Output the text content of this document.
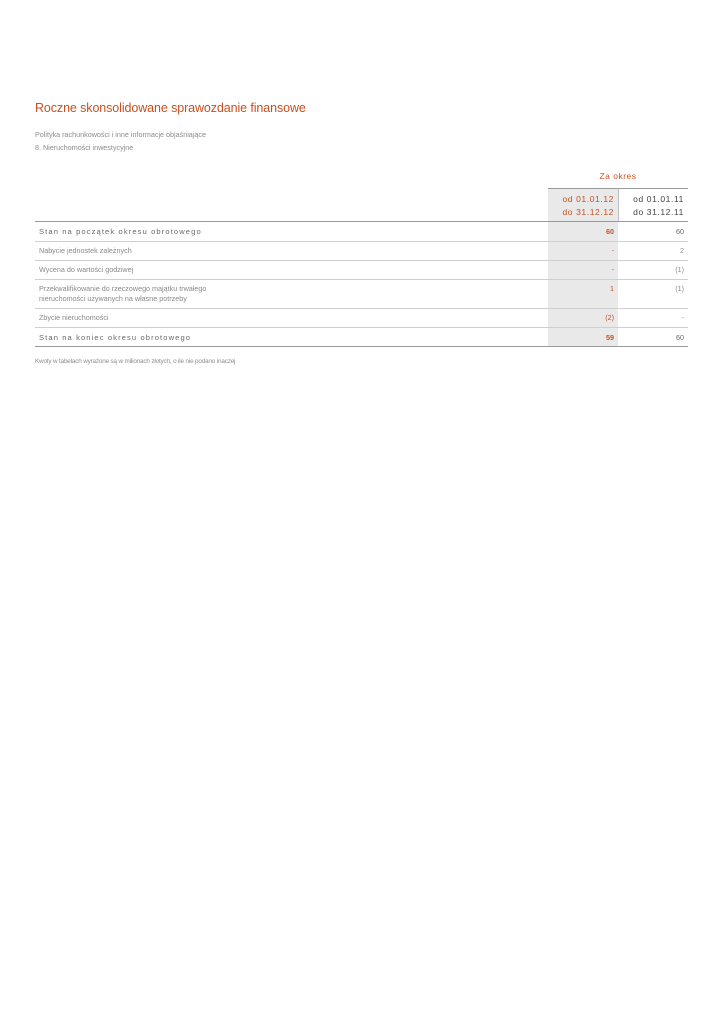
Roczne skonsolidowane sprawozdanie finansowe
Polityka rachunkowości i inne informacje objaśniające
8. Nieruchomości inwestycyjne
Za okres
od 01.01.12
do 31.12.12
od 01.01.11
do 31.12.11
Stan na początek okresu obrotowego	60	60
Nabycie jednostek zależnych	-	2
Wycena do wartości godziwej	-	(1)
Przekwalifikowanie do rzeczowego majątku trwałego
nieruchomości używanych na własne potrzeby
1	(1)
Zbycie nieruchomości	(2)	-
Stan na koniec okresu obrotowego	59	60
Kwoty w tabelach wyrażone są w milionach złotych, o ile nie podano inaczej
